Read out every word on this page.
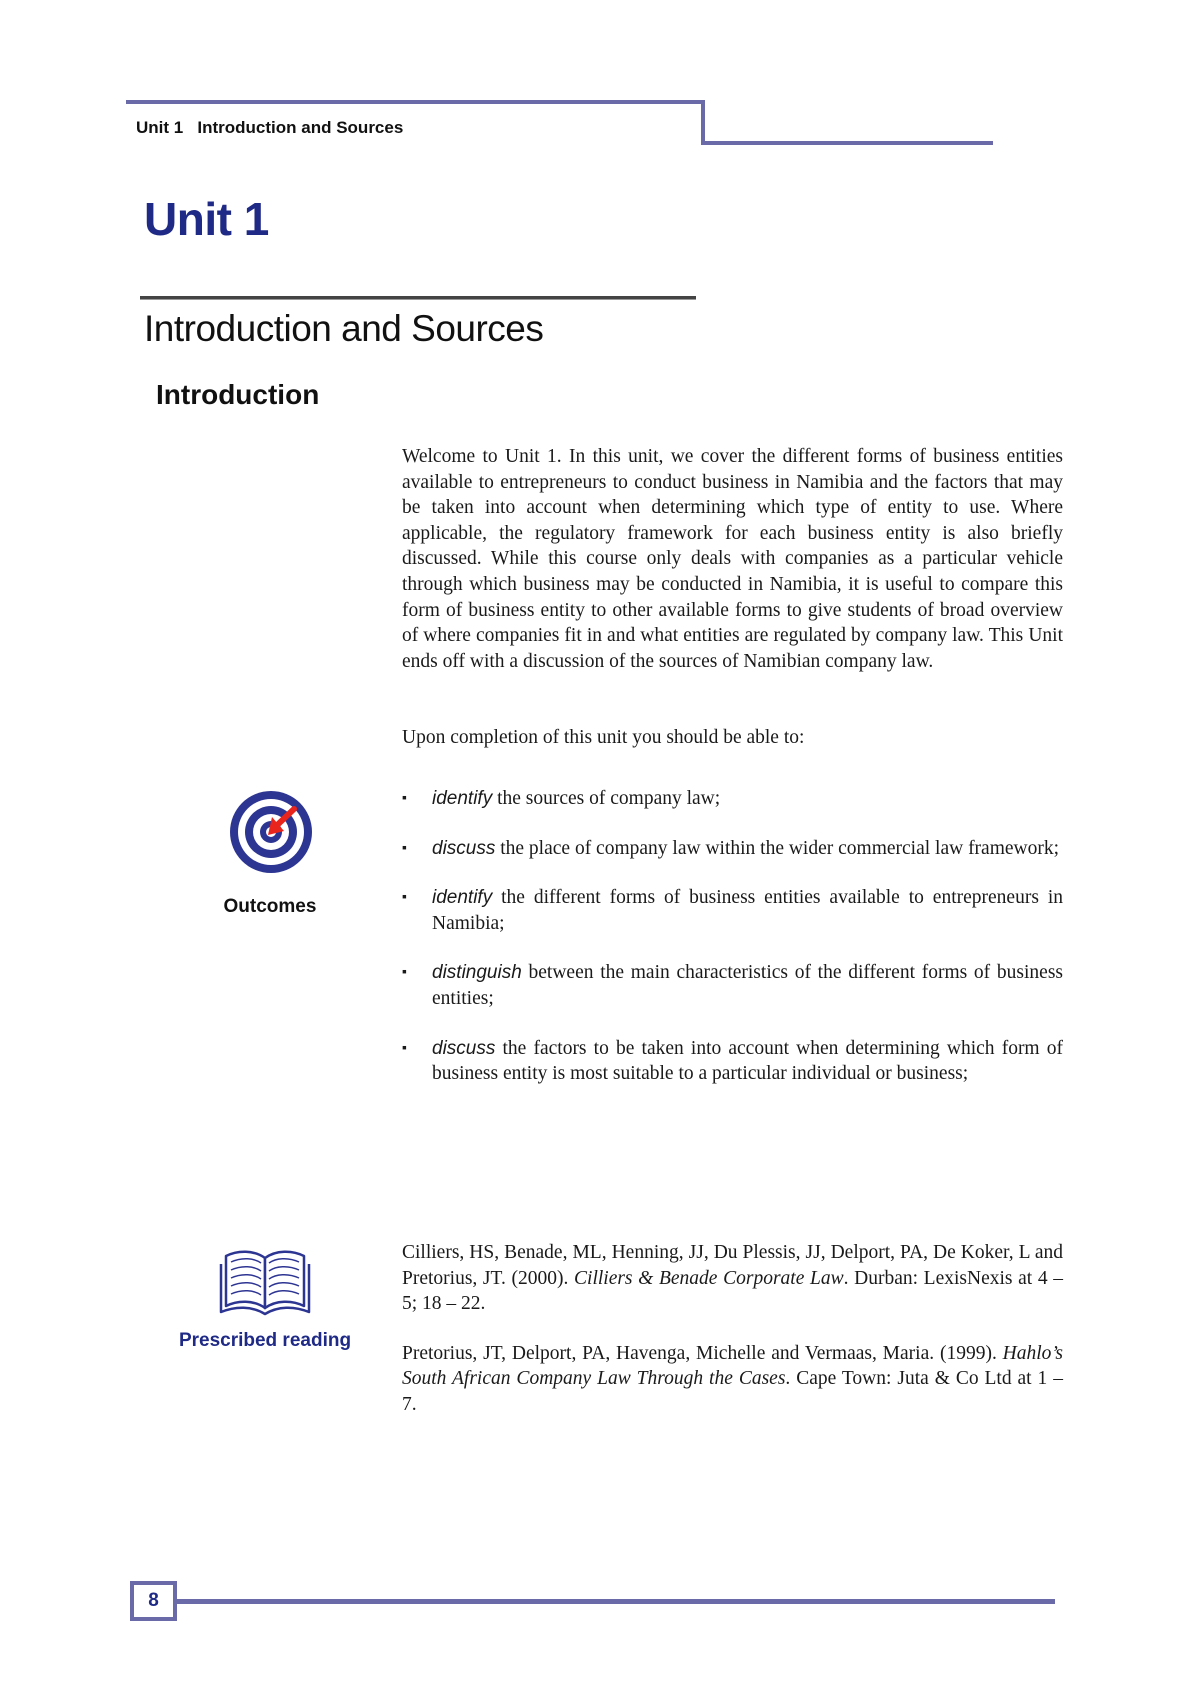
Unit 1   Introduction and Sources
Unit 1
Introduction and Sources
Introduction

Welcome to Unit 1. In this unit, we cover the different forms of business entities available to entrepreneurs to conduct business in Namibia and the factors that may be taken into account when determining which type of entity to use. Where applicable, the regulatory framework for each business entity is also briefly discussed. While this course only deals with companies as a particular vehicle through which business may be conducted in Namibia, it is useful to compare this form of business entity to other available forms to give students of broad overview of where companies fit in and what entities are regulated by company law. This Unit ends off with a discussion of the sources of Namibian company law.

Upon completion of this unit you should be able to:

Outcomes
▪ identify the sources of company law;
▪ discuss the place of company law within the wider commercial law framework;
▪ identify the different forms of business entities available to entrepreneurs in Namibia;
▪ distinguish between the main characteristics of the different forms of business entities;
▪ discuss the factors to be taken into account when determining which form of business entity is most suitable to a particular individual or business;
Prescribed reading

Cilliers, HS, Benade, ML, Henning, JJ, Du Plessis, JJ, Delport, PA, De Koker, L and Pretorius, JT. (2000). Cilliers & Benade Corporate Law. Durban: LexisNexis at 4 – 5; 18 – 22.

Pretorius, JT, Delport, PA, Havenga, Michelle and Vermaas, Maria. (1999). Hahlo’s South African Company Law Through the Cases. Cape Town: Juta & Co Ltd at 1 – 7.

8
